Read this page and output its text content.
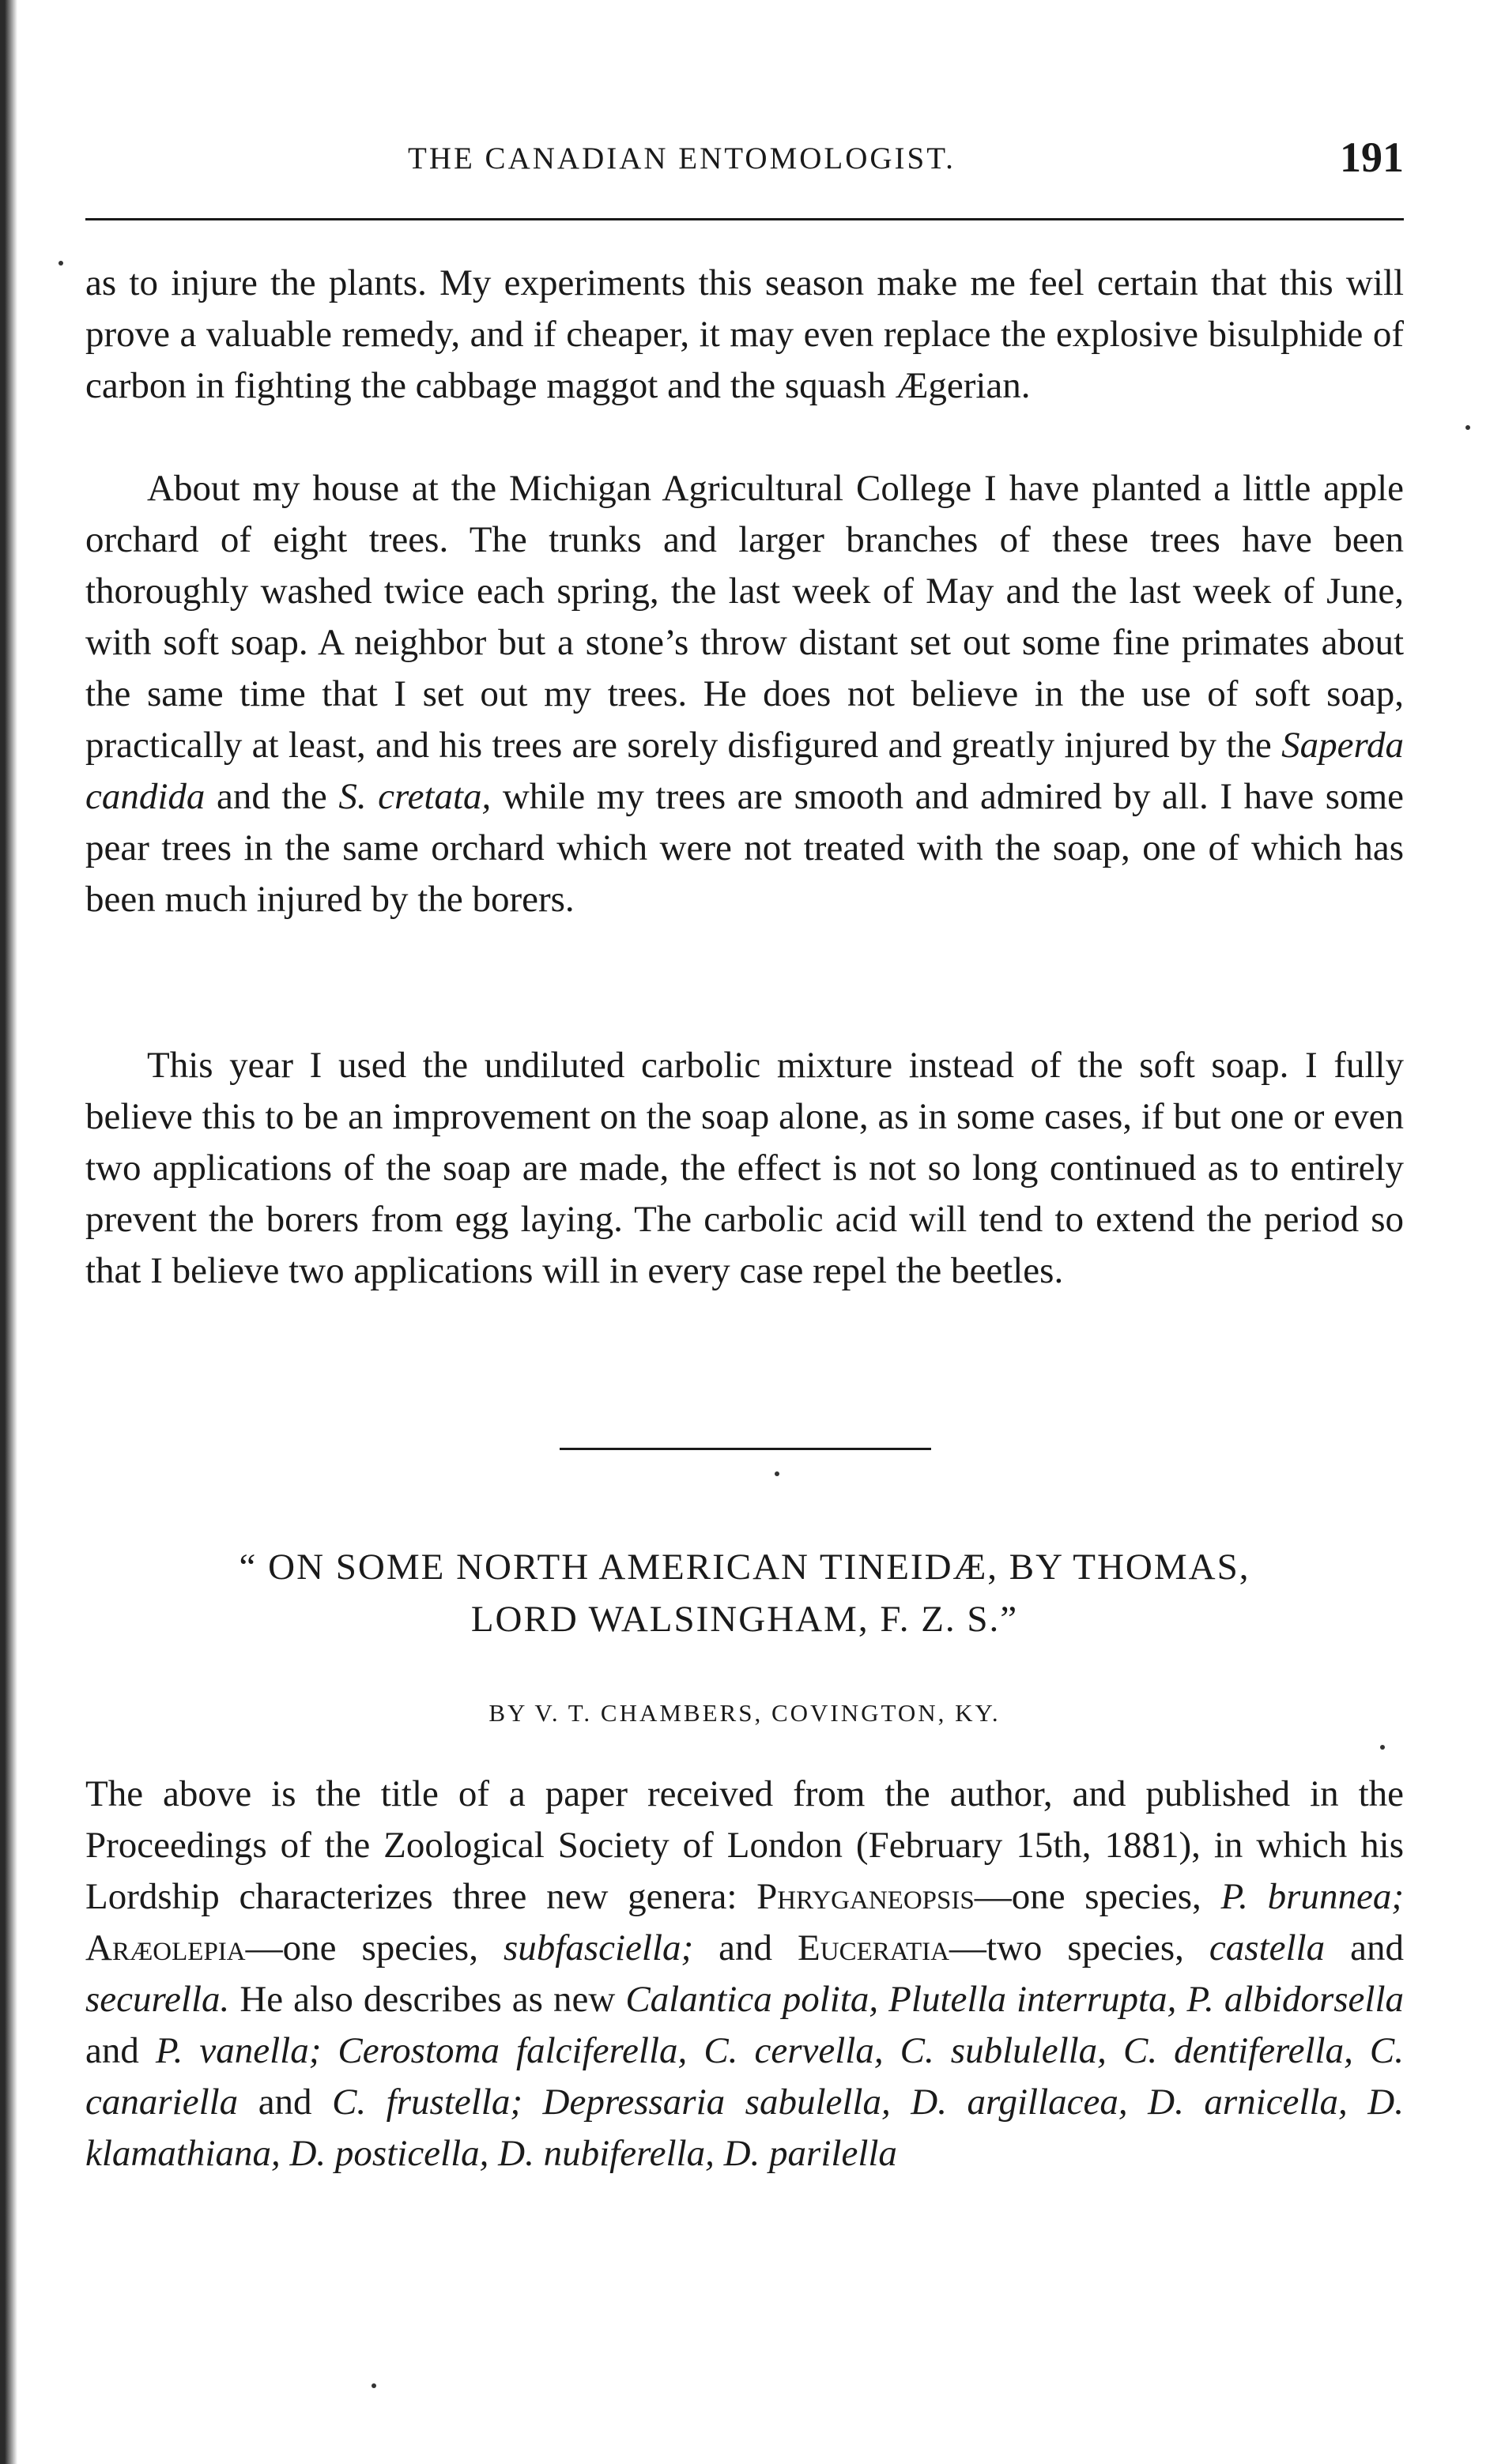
THE CANADIAN ENTOMOLOGIST.	191

as to injure the plants. My experiments this season make me feel certain that this will prove a valuable remedy, and if cheaper, it may even replace the explosive bisulphide of carbon in fighting the cabbage maggot and the squash Ægerian.

About my house at the Michigan Agricultural College I have planted a little apple orchard of eight trees. The trunks and larger branches of these trees have been thoroughly washed twice each spring, the last week of May and the last week of June, with soft soap. A neighbor but a stone’s throw distant set out some fine primates about the same time that I set out my trees. He does not believe in the use of soft soap, practically at least, and his trees are sorely disfigured and greatly injured by the Saperda candida and the S. cretata, while my trees are smooth and admired by all. I have some pear trees in the same orchard which were not treated with the soap, one of which has been much injured by the borers.

This year I used the undiluted carbolic mixture instead of the soft soap. I fully believe this to be an improvement on the soap alone, as in some cases, if but one or even two applications of the soap are made, the effect is not so long continued as to entirely prevent the borers from egg laying. The carbolic acid will tend to extend the period so that I believe two applications will in every case repel the beetles.

“ ON SOME NORTH AMERICAN TINEIDÆ, BY THOMAS,
LORD WALSINGHAM, F. Z. S.”
BY V. T. CHAMBERS, COVINGTON, KY.

The above is the title of a paper received from the author, and published in the Proceedings of the Zoological Society of London (February 15th, 1881), in which his Lordship characterizes three new genera: Phryganeopsis—one species, P. brunnea; Aræolepia—one species, subfasciella; and Euceratia—two species, castella and securella. He also describes as new Calantica polita, Plutella interrupta, P. albidorsella and P. vanella; Cerostoma falciferella, C. cervella, C. sublulella, C. dentiferella, C. canariella and C. frustella; Depressaria sabulella, D. argillacea, D. arnicella, D. klamathiana, D. posticella, D. nubiferella, D. parilella
